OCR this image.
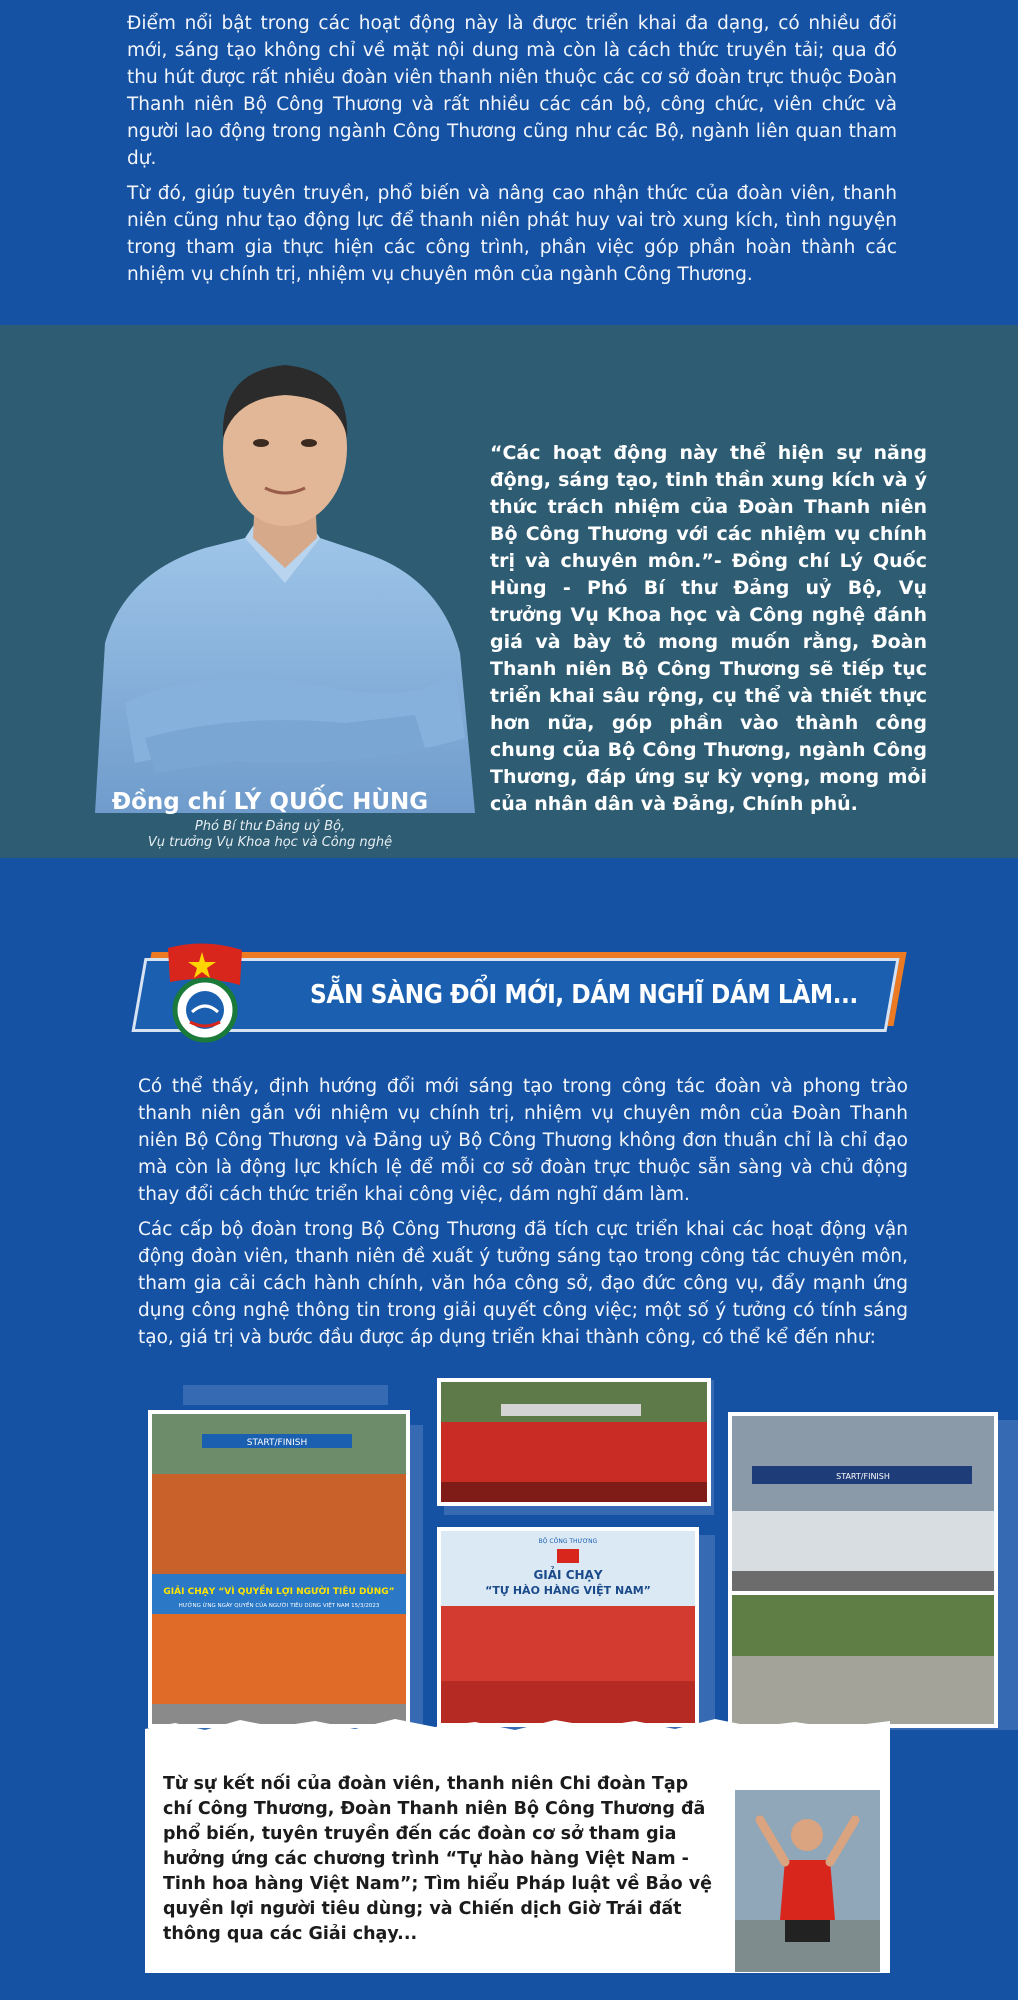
Điểm nổi bật trong các hoạt động này là được triển khai đa dạng, có nhiều đổi mới, sáng tạo không chỉ về mặt nội dung mà còn là cách thức truyền tải; qua đó thu hút được rất nhiều đoàn viên thanh niên thuộc các cơ sở đoàn trực thuộc Đoàn Thanh niên Bộ Công Thương và rất nhiều các cán bộ, công chức, viên chức và người lao động trong ngành Công Thương cũng như các Bộ, ngành liên quan tham dự.

Từ đó, giúp tuyên truyền, phổ biến và nâng cao nhận thức của đoàn viên, thanh niên cũng như tạo động lực để thanh niên phát huy vai trò xung kích, tình nguyện trong tham gia thực hiện các công trình, phần việc góp phần hoàn thành các nhiệm vụ chính trị, nhiệm vụ chuyên môn của ngành Công Thương.

Đồng chí LÝ QUỐC HÙNG
Phó Bí thư Đảng uỷ Bộ,
Vụ trưởng Vụ Khoa học và Công nghệ
“Các hoạt động này thể hiện sự năng động, sáng tạo, tinh thần xung kích và ý thức trách nhiệm của Đoàn Thanh niên Bộ Công Thương với các nhiệm vụ chính trị và chuyên môn.”- Đồng chí Lý Quốc Hùng - Phó Bí thư Đảng uỷ Bộ, Vụ trưởng Vụ Khoa học và Công nghệ đánh giá và bày tỏ mong muốn rằng, Đoàn Thanh niên Bộ Công Thương sẽ tiếp tục triển khai sâu rộng, cụ thể và thiết thực hơn nữa, góp phần vào thành công chung của Bộ Công Thương, ngành Công Thương, đáp ứng sự kỳ vọng, mong mỏi của nhân dân và Đảng, Chính phủ.
SẴN SÀNG ĐỔI MỚI, DÁM NGHĨ DÁM LÀM...

Có thể thấy, định hướng đổi mới sáng tạo trong công tác đoàn và phong trào thanh niên gắn với nhiệm vụ chính trị, nhiệm vụ chuyên môn của Đoàn Thanh niên Bộ Công Thương và Đảng uỷ Bộ Công Thương không đơn thuần chỉ là chỉ đạo mà còn là động lực khích lệ để mỗi cơ sở đoàn trực thuộc sẵn sàng và chủ động thay đổi cách thức triển khai công việc, dám nghĩ dám làm.

Các cấp bộ đoàn trong Bộ Công Thương đã tích cực triển khai các hoạt động vận động đoàn viên, thanh niên đề xuất ý tưởng sáng tạo trong công tác chuyên môn, tham gia cải cách hành chính, văn hóa công sở, đạo đức công vụ, đẩy mạnh ứng dụng công nghệ thông tin trong giải quyết công việc; một số ý tưởng có tính sáng tạo, giá trị và bước đầu được áp dụng triển khai thành công, có thể kể đến như:

START/FINISH
GIẢI CHẠY “VÌ QUYỀN LỢI NGƯỜI TIÊU DÙNG”
HƯỞNG ỨNG NGÀY QUYỀN CỦA NGƯỜI TIÊU DÙNG VIỆT NAM 15/3/2023
BỘ CÔNG THƯƠNG
GIẢI CHẠY
“TỰ HÀO HÀNG VIỆT NAM”
START/FINISH
Từ sự kết nối của đoàn viên, thanh niên Chi đoàn Tạp chí Công Thương, Đoàn Thanh niên Bộ Công Thương đã phổ biến, tuyên truyền đến các đoàn cơ sở tham gia hưởng ứng các chương trình “Tự hào hàng Việt Nam - Tinh hoa hàng Việt Nam”; Tìm hiểu Pháp luật về Bảo vệ quyền lợi người tiêu dùng; và Chiến dịch Giờ Trái đất thông qua các Giải chạy...
